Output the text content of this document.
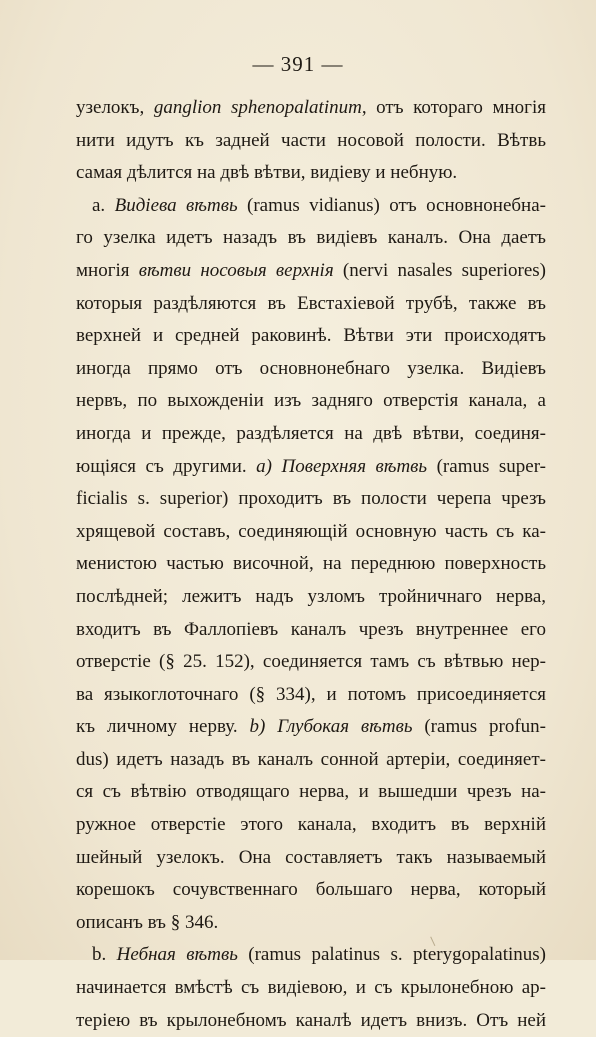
— 391 —
узелокъ, ganglion sphenopalatinum, отъ котораго многія
нити идутъ къ задней части носовой полости. Вѣтвь
самая дѣлится на двѣ вѣтви, видіеву и небную.
а. Видіева вѣтвь (ramus vidianus) отъ основнонебна-
го узелка идетъ назадъ въ видіевъ каналъ. Она даетъ
многія вѣтви носовыя верхнія (nervi nasales superiores)
которыя раздѣляются въ Евстахіевой трубѣ, также въ
верхней и средней раковинѣ. Вѣтви эти происходятъ
иногда прямо отъ основнонебнаго узелка. Видіевъ
нервъ, по выхожденіи изъ задняго отверстія канала, а
иногда и прежде, раздѣляется на двѣ вѣтви, соединя-
ющіяся съ другими. а) Поверхняя вѣтвь (ramus super-
ficialis s. superior) проходитъ въ полости черепа чрезъ
хрящевой составъ, соединяющій основную часть съ ка-
менистою частью височной, на переднюю поверхность
послѣдней; лежитъ надъ узломъ тройничнаго нерва,
входитъ въ Фаллопіевъ каналъ чрезъ внутреннее его
отверстіе (§ 25. 152), соединяется тамъ съ вѣтвью нер-
ва языкоглоточнаго (§ 334), и потомъ присоединяется
къ личному нерву. b) Глубокая вѣтвь (ramus profun-
dus) идетъ назадъ въ каналъ сонной артеріи, соединяет-
ся съ вѣтвію отводящаго нерва, и вышедши чрезъ на-
ружное отверстіе этого канала, входитъ въ верхній
шейный узелокъ. Она составляетъ такъ называемый
корешокъ сочувственнаго большаго нерва, который
описанъ въ § 346.
b. Небная вѣтвь (ramus palatinus s. pterygopalatinus)
начинается вмѣстѣ съ видіевою, и съ крылонебною ар-
теріею въ крылонебномъ каналѣ идетъ внизъ. Отъ ней
